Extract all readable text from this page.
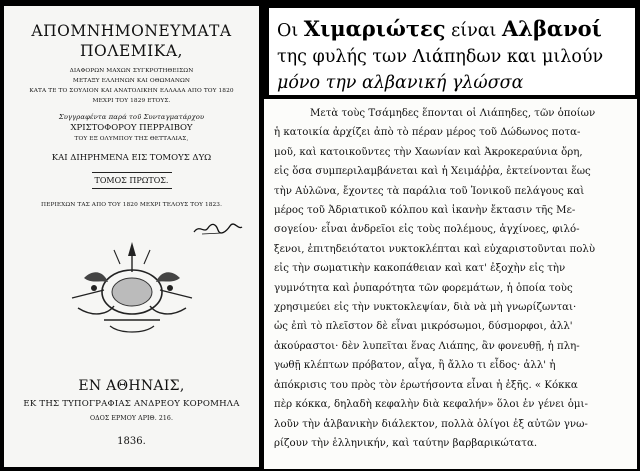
ΑΠΟΜΝΗΜΟΝΕΥΜΑΤΑ
ΠΟΛΕΜΙΚΑ,
ΔΙΑΦΟΡΩΝ ΜΑΧΩΝ ΣΥΓΚΡΟΤΗΘΕΙΣΩΝ
ΜΕΤΑΞΥ ΕΛΛΗΝΩΝ ΚΑΙ ΟΘΩΜΑΝΩΝ
ΚΑΤΑ ΤΕ ΤΟ ΣΟΥΛΙΟΝ ΚΑΙ ΑΝΑΤΟΛΙΚΗΝ ΕΛΛΑΔΑ ΑΠΟ ΤΟΥ 1820
ΜΕΧΡΙ ΤΟΥ 1829 ΕΤΟΥΣ.
Συγγραφέντα παρά τοῦ Συνταγματάρχου
ΧΡΙΣΤΟΦΟΡΟΥ ΠΕΡΡΑΙΒΟΥ
ΤΟΥ ΕΞ ΟΛΥΜΠΟΥ ΤΗΣ ΘΕΤΤΑΛΙΑΣ,
ΚΑΙ ΔΙΗΡΗΜΕΝΑ ΕΙΣ ΤΟΜΟΥΣ ΔΥΩ
ΤΟΜΟΣ ΠΡΩΤΟΣ.
ΠΕΡΙΕΧΩΝ ΤΑΣ ΑΠΟ ΤΟΥ 1820 ΜΕΧΡΙ ΤΕΛΟΥΣ ΤΟΥ 1823.
ΕΝ ΑΘΗΝΑΙΣ,
ΕΚ ΤΗΣ ΤΥΠΟΓΡΑΦΙΑΣ ΑΝΔΡΕΟΥ ΚΟΡΟΜΗΛΑ
ΟΔΟΣ ΕΡΜΟΥ ΑΡΙΘ. 216.
1836.
Οι Χιμαριώτες είναι Αλβανοί
της φυλής των Λιάπηδων και μιλούν
μόνο την αλβανική γλώσσα
Μετὰ τοὺς Τσάμηδες ἕπονται οἱ Λιάπηδες, τῶν ὁποίων
ἡ κατοικία ἀρχίζει ἀπὸ τὸ πέραν μέρος τοῦ Δώδωνος ποτα-
μοῦ, καὶ κατοικοῦντες τὴν Χαωνίαν καὶ Ἀκροκεραύνια ὄρη,
εἰς ὅσα συμπεριλαμβάνεται καὶ ἡ Χειμάῤῥα, ἐκτείνονται ἕως
τὴν Αὐλῶνα, ἔχοντες τὰ παράλια τοῦ Ἰονικοῦ πελάγους καὶ
μέρος τοῦ Ἀδριατικοῦ κόλπου καὶ ἱκανὴν ἔκτασιν τῆς Με-
σογείου· εἶναι ἀνδρεῖοι εἰς τοὺς πολέμους, ἀγχίνοες, φιλό-
ξενοι, ἐπιτηδειότατοι νυκτοκλέπται καὶ εὐχαριστοῦνται πολὺ
εἰς τὴν σωματικὴν κακοπάθειαν καὶ κατ' ἐξοχὴν εἰς τὴν
γυμνότητα καὶ ῥυπαρότητα τῶν φορεμάτων, ἡ ὁποία τοὺς
χρησιμεύει εἰς τὴν νυκτοκλεψίαν, διὰ νὰ μὴ γνωρίζωνται·
ὡς ἐπὶ τὸ πλεῖστον δὲ εἶναι μικρόσωμοι, δύσμορφοι, ἀλλ'
ἀκούραστοι· δὲν λυπεῖται ἕνας Λιάπης, ἂν φονευθῇ, ἡ πλη-
γωθῇ κλέπτων πρόβατον, αἶγα, ἢ ἄλλο τι εἶδος· ἀλλ' ἡ
ἀπόκρισις του πρὸς τὸν ἐρωτήσοντα εἶναι ἡ ἑξῆς. « Κόκκα
πὲρ κόκκα, δηλαδὴ κεφαλὴν διὰ κεφαλήν» ὅλοι ἐν γένει ὁμι-
λοῦν τὴν ἀλβανικὴν διάλεκτον, πολλὰ ὀλίγοι ἐξ αὐτῶν γνω-
ρίζουν τὴν ἑλληνικήν, καὶ ταύτην βαρβαρικώτατα.
